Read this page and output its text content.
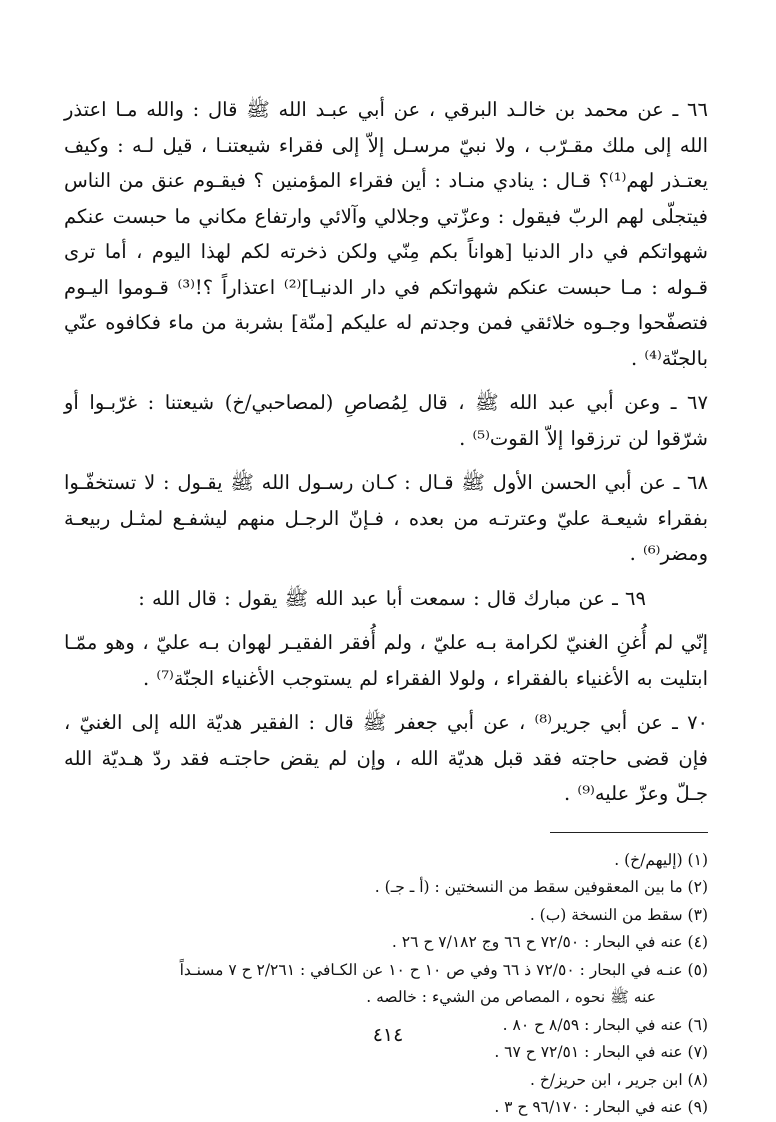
٦٦ ـ عن محمد بن خالـد البرقي ، عن أبي عبـد الله ﷺ قال : والله مـا اعتذر الله إلى ملك مقـرّب ، ولا نبيّ مرسـل إلاّ إلى فقراء شيعتنـا ، قيل لـه : وكيف يعتـذر لهم⁽¹⁾؟ قـال : ينادي منـاد : أين فقراء المؤمنين ؟ فيقـوم عنق من الناس فيتجلّى لهم الربّ فيقول : وعزّتي وجلالي وآلائي وارتفاع مكاني ما حبست عنكم شهواتكم في دار الدنيا [هواناً بكم مِنّي ولكن ذخرته لكم لهذا اليوم ، أما ترى قـوله : مـا حبست عنكم شهواتكم في دار الدنيـا]⁽²⁾ اعتذاراً ؟!⁽³⁾ قـوموا اليـوم فتصفّحوا وجـوه خلائقي فمن وجدتم له عليكم [منّة] بشربة من ماء فكافوه عنّي بالجنّة⁽⁴⁾ .

٦٧ ـ وعن أبي عبد الله ﷺ ، قال لِمُصاصِ (لمصاحبي/خ) شيعتنا : غرّبـوا أو شرّقوا لن ترزقوا إلاّ القوت⁽⁵⁾ .

٦٨ ـ عن أبي الحسن الأول ﷺ قـال : كـان رسـول الله ﷺ يقـول : لا تستخفّـوا بفقراء شيعـة عليّ وعترتـه من بعده ، فـإنّ الرجـل منهم ليشفـع لمثـل ربيعـة ومضر⁽⁶⁾ .

٦٩ ـ عن مبارك قال : سمعت أبا عبد الله ﷺ يقول : قال الله :

إنّي لم أُغنِ الغنيّ لكرامة بـه عليّ ، ولم أُفقر الفقيـر لهوان بـه عليّ ، وهو ممّـا ابتليت به الأغنياء بالفقراء ، ولولا الفقراء لم يستوجب الأغنياء الجنّة⁽⁷⁾ .

٧٠ ـ عن أبي جرير⁽⁸⁾ ، عن أبي جعفر ﷺ قال : الفقير هديّة الله إلى الغنيّ ، فإن قضى حاجته فقد قبل هديّة الله ، وإن لم يقض حاجتـه فقد ردّ هـديّة الله جـلّ وعزّ عليه⁽⁹⁾ .

(١) (إليهم/خ) .
(٢) ما بين المعقوفين سقط من النسختين : (أ ـ جـ) .
(٣) سقط من النسخة (ب) .
(٤) عنه في البحار : ٧٢/٥٠ ح ٦٦ وج ٧/١٨٢ ح ٢٦ .
(٥) عنـه في البحار : ٧٢/٥٠ ذ ٦٦ وفي ص ١٠ ح ١٠ عن الكـافي : ٢/٢٦١ ح ٧ مسنـداً
عنه ﷺ نحوه ، المصاص من الشيء : خالصه .
(٦) عنه في البحار : ٨/٥٩ ح ٨٠ .
(٧) عنه في البحار : ٧٢/٥١ ح ٦٧ .
(٨) ابن جرير ، ابن حريز/خ .
(٩) عنه في البحار : ٩٦/١٧٠ ح ٣ .
٤١٤
